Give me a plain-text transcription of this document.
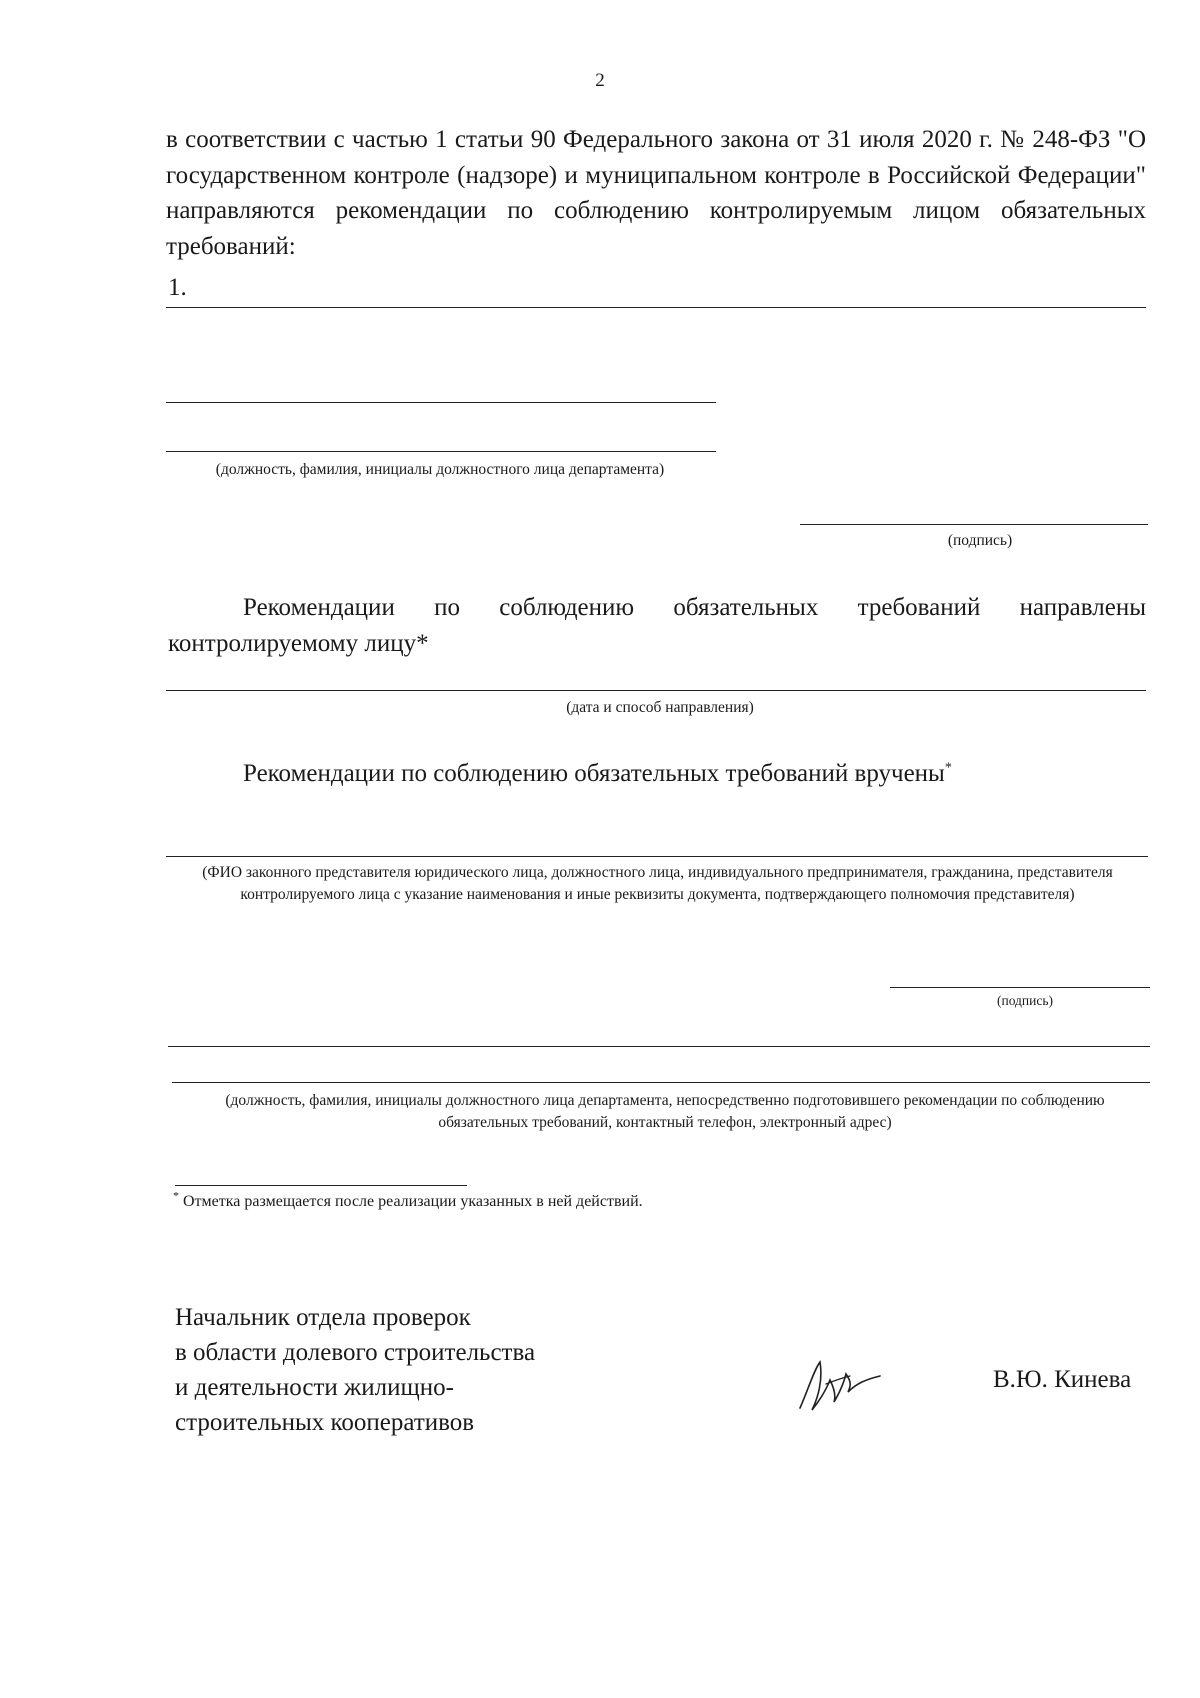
2
в соответствии с частью 1 статьи 90 Федерального закона от 31 июля 2020 г. № 248-ФЗ "О государственном контроле (надзоре) и муниципальном контроле в Российской Федерации" направляются рекомендации по соблюдению контролируемым лицом обязательных требований:
1.
(должность, фамилия, инициалы должностного лица департамента)
(подпись)
Рекомендации по соблюдению обязательных требований направлены контролируемому лицу*
(дата и способ направления)
Рекомендации по соблюдению обязательных требований вручены*
(ФИО законного представителя юридического лица, должностного лица, индивидуального предпринимателя, гражданина, представителя контролируемого лица с указание наименования и иные реквизиты документа, подтверждающего полномочия представителя)
(подпись)
(должность, фамилия, инициалы должностного лица департамента, непосредственно подготовившего рекомендации по соблюдению обязательных требований, контактный телефон, электронный адрес)
* Отметка размещается после реализации указанных в ней действий.
Начальник отдела проверок
в области долевого строительства
и деятельности жилищно-
строительных кооперативов
В.Ю. Кинева
